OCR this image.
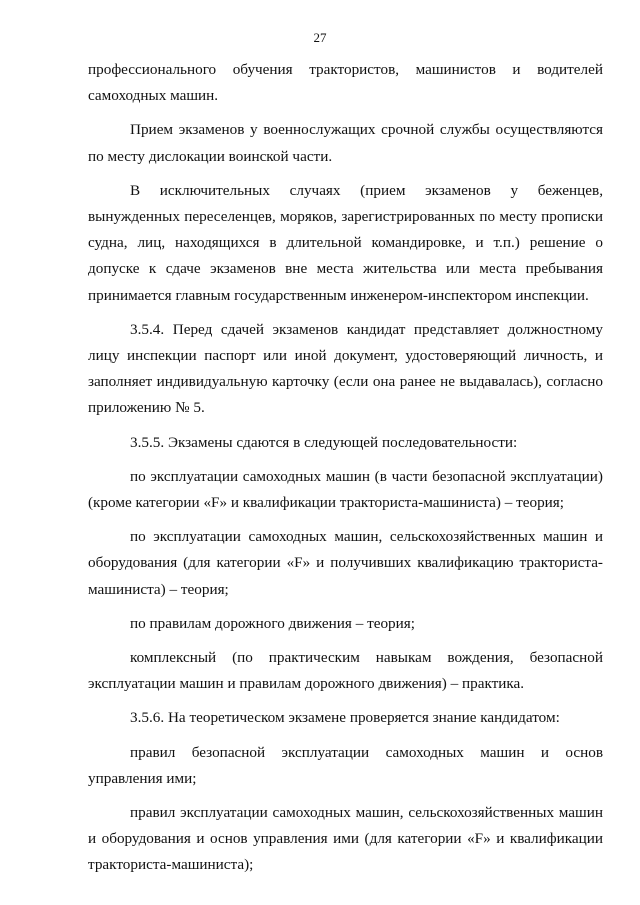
27

профессионального обучения трактористов, машинистов и водителей самоходных машин.

Прием экзаменов у военнослужащих срочной службы осуществляются по месту дислокации воинской части.

В исключительных случаях (прием экзаменов у беженцев, вынужденных переселенцев, моряков, зарегистрированных по месту прописки судна, лиц, находящихся в длительной командировке, и т.п.) решение о допуске к сдаче экзаменов вне места жительства или места пребывания принимается главным государственным инженером-инспектором инспекции.

3.5.4. Перед сдачей экзаменов кандидат представляет должностному лицу инспекции паспорт или иной документ, удостоверяющий личность, и заполняет индивидуальную карточку (если она ранее не выдавалась), согласно приложению № 5.

3.5.5. Экзамены сдаются в следующей последовательности:

по эксплуатации самоходных машин (в части безопасной эксплуатации) (кроме категории «F» и квалификации тракториста-машиниста) – теория;

по эксплуатации самоходных машин, сельскохозяйственных машин и оборудования (для категории «F» и получивших квалификацию тракториста-машиниста) – теория;

по правилам дорожного движения – теория;

комплексный (по практическим навыкам вождения, безопасной эксплуатации машин и правилам дорожного движения) – практика.

3.5.6. На теоретическом экзамене проверяется знание кандидатом:

правил безопасной эксплуатации самоходных машин и основ управления ими;

правил эксплуатации самоходных машин, сельскохозяйственных машин и оборудования и основ управления ими (для категории «F» и квалификации тракториста-машиниста);
